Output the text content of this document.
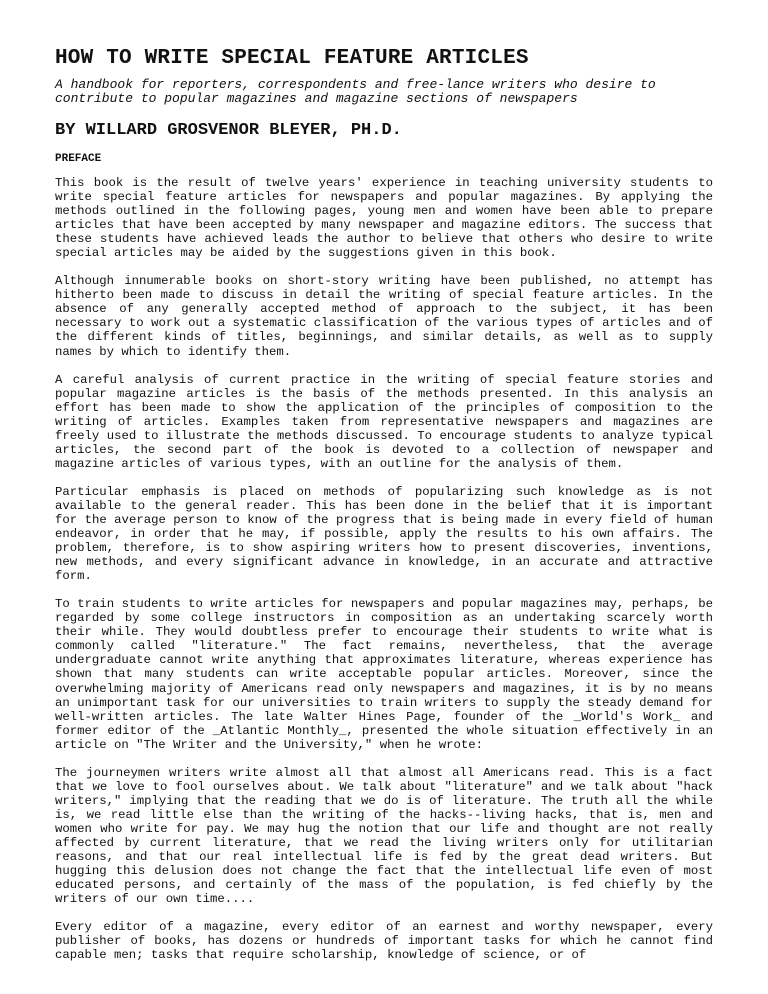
HOW TO WRITE SPECIAL FEATURE ARTICLES
A handbook for reporters, correspondents and free-lance writers who desire to contribute to popular magazines and magazine sections of newspapers
BY WILLARD GROSVENOR BLEYER, PH.D.
PREFACE

This book is the result of twelve years' experience in teaching university students to write special feature articles for newspapers and popular magazines. By applying the methods outlined in the following pages, young men and women have been able to prepare articles that have been accepted by many newspaper and magazine editors. The success that these students have achieved leads the author to believe that others who desire to write special articles may be aided by the suggestions given in this book.

Although innumerable books on short-story writing have been published, no attempt has hitherto been made to discuss in detail the writing of special feature articles. In the absence of any generally accepted method of approach to the subject, it has been necessary to work out a systematic classification of the various types of articles and of the different kinds of titles, beginnings, and similar details, as well as to supply names by which to identify them.

A careful analysis of current practice in the writing of special feature stories and popular magazine articles is the basis of the methods presented. In this analysis an effort has been made to show the application of the principles of composition to the writing of articles. Examples taken from representative newspapers and magazines are freely used to illustrate the methods discussed. To encourage students to analyze typical articles, the second part of the book is devoted to a collection of newspaper and magazine articles of various types, with an outline for the analysis of them.

Particular emphasis is placed on methods of popularizing such knowledge as is not available to the general reader. This has been done in the belief that it is important for the average person to know of the progress that is being made in every field of human endeavor, in order that he may, if possible, apply the results to his own affairs. The problem, therefore, is to show aspiring writers how to present discoveries, inventions, new methods, and every significant advance in knowledge, in an accurate and attractive form.

To train students to write articles for newspapers and popular magazines may, perhaps, be regarded by some college instructors in composition as an undertaking scarcely worth their while. They would doubtless prefer to encourage their students to write what is commonly called "literature." The fact remains, nevertheless, that the average undergraduate cannot write anything that approximates literature, whereas experience has shown that many students can write acceptable popular articles. Moreover, since the overwhelming majority of Americans read only newspapers and magazines, it is by no means an unimportant task for our universities to train writers to supply the steady demand for well-written articles. The late Walter Hines Page, founder of the _World's Work_ and former editor of the _Atlantic Monthly_, presented the whole situation effectively in an article on "The Writer and the University," when he wrote:

The journeymen writers write almost all that almost all Americans read. This is a fact that we love to fool ourselves about. We talk about "literature" and we talk about "hack writers," implying that the reading that we do is of literature. The truth all the while is, we read little else than the writing of the hacks--living hacks, that is, men and women who write for pay. We may hug the notion that our life and thought are not really affected by current literature, that we read the living writers only for utilitarian reasons, and that our real intellectual life is fed by the great dead writers. But hugging this delusion does not change the fact that the intellectual life even of most educated persons, and certainly of the mass of the population, is fed chiefly by the writers of our own time....

Every editor of a magazine, every editor of an earnest and worthy newspaper, every publisher of books, has dozens or hundreds of important tasks for which he cannot find capable men; tasks that require scholarship, knowledge of science, or of
